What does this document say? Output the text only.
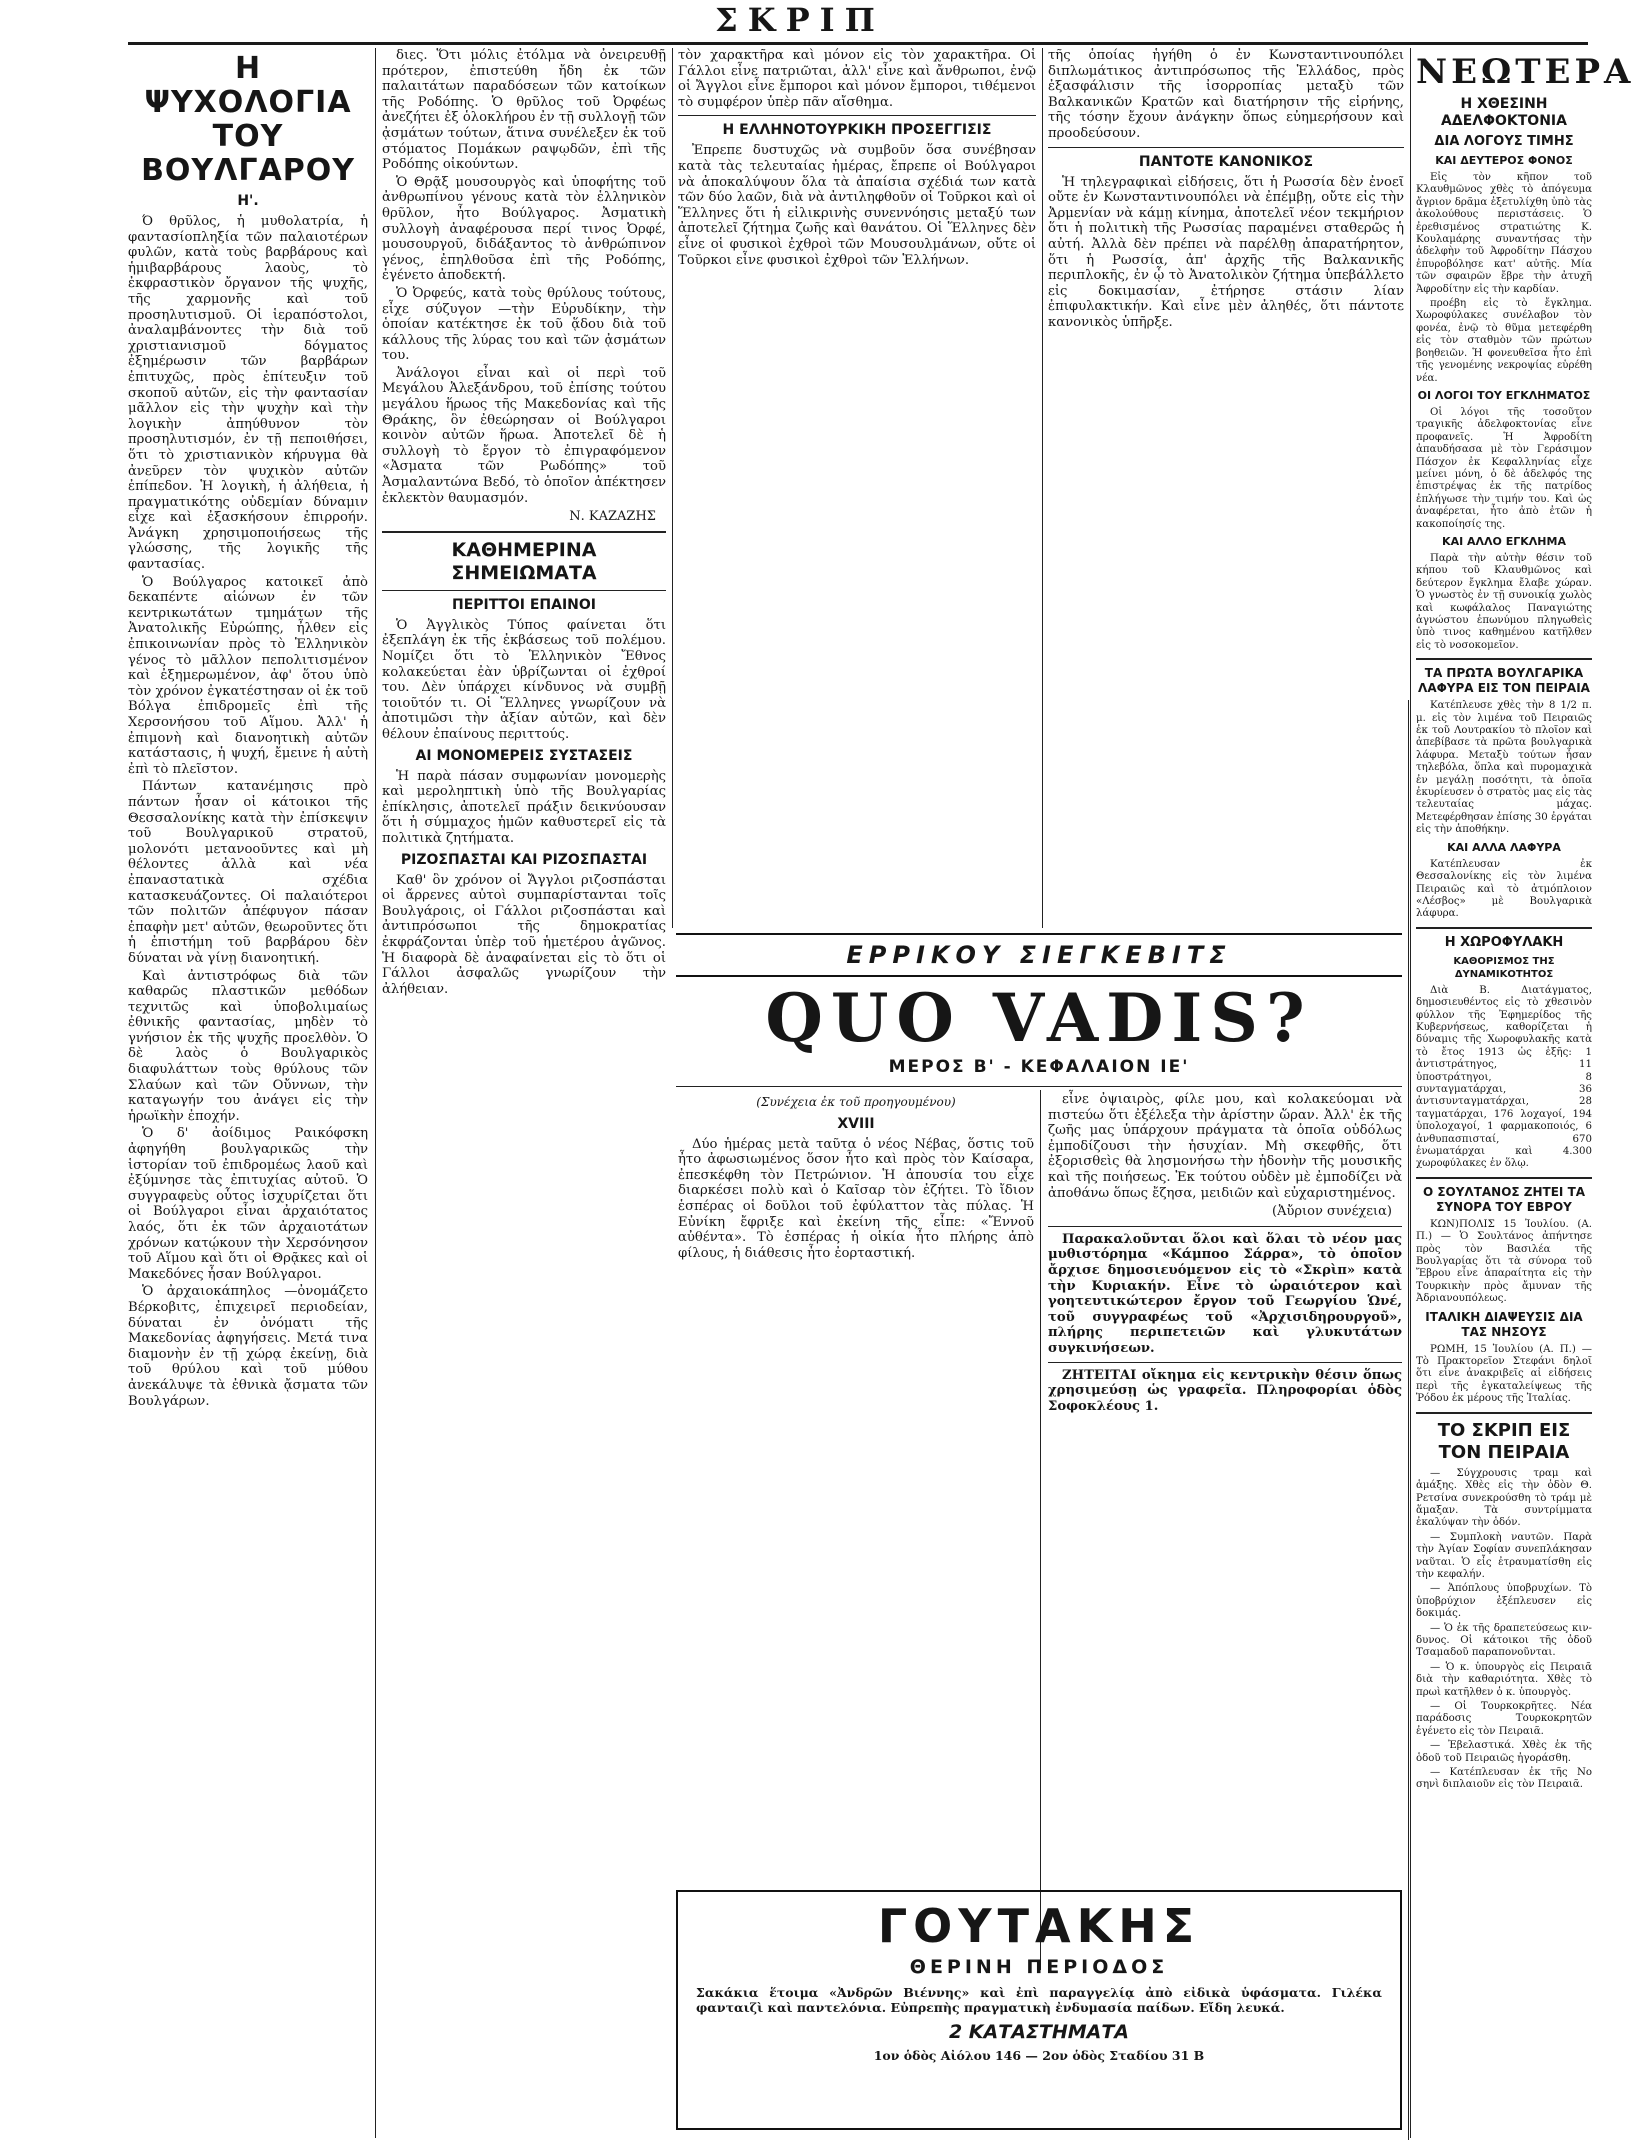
ΣΚΡΙΠ
Η ΨΥΧΟΛΟΓΙΑ ΤΟΥ ΒΟΥΛΓΑΡΟΥ
Η'.

Ό θρῦλος, ἡ μυθολατρία, ἡ φαντασίοπληξία τῶν παλαιοτέρων φυλῶν, κατὰ τοὺς βαρβάρους καὶ ἡμιβαρβάρους λαοὺς, τὸ ἐκφραστικὸν ὄργανον τῆς ψυχῆς, τῆς χαρμονῆς καὶ τοῦ προσηλυτισμοῦ. Οἱ ἱεραπόστολοι, ἀναλαμβάνοντες τὴν διὰ τοῦ χριστιανισμοῦ δόγματος ἐξημέρωσιν τῶν βαρβάρων ἐπιτυχῶς, πρὸς ἐπίτευξιν τοῦ σκοποῦ αὐτῶν, εἰς τὴν φαντασίαν μᾶλλον εἰς τὴν ψυχὴν καὶ τὴν λογικὴν ἀπηύθυνον τὸν προσηλυτισμόν, ἐν τῇ πεποιθήσει, ὅτι τὸ χριστιανικὸν κήρυγμα θὰ ἀνεῦρεν τὸν ψυχικὸν αὐτῶν ἐπίπεδον. Ἡ λογικὴ, ἡ ἀλήθεια, ἡ πραγματικότης οὐδεμίαν δύναμιν εἶχε καὶ ἐξασκήσουν ἐπιρροήν. Ἀνάγκη χρησιμοποιήσεως τῆς γλώσσης, τῆς λογικῆς τῆς φαντασίας.

Ὁ Βούλγαρος κατοικεῖ ἀπὸ δεκαπέντε αἰώνων ἐν τῶν κεντρικωτάτων τμημάτων τῆς Ἀνατολικῆς Εὐρώπης, ἦλθεν εἰς ἐπικοινωνίαν πρὸς τὸ Ἑλληνικὸν γένος τὸ μᾶλλον πεπολιτισμένον καὶ ἐξημερωμένον, ἀφ' ὅτου ὑπὸ τὸν χρόνον ἐγκατέστησαν οἱ ἐκ τοῦ Βόλγα ἐπιδρομεῖς ἐπὶ τῆς Χερσονήσου τοῦ Αἵμου. Ἀλλ' ἡ ἐπιμονὴ καὶ διανοητικὴ αὐτῶν κατάστασις, ἡ ψυχή, ἔμεινε ἡ αὐτὴ ἐπὶ τὸ πλεῖστον.

Πάντων κατανέμησις πρὸ πάντων ἦσαν οἱ κάτοικοι τῆς Θεσσαλονίκης κατὰ τὴν ἐπίσκεψιν τοῦ Βουλγαρικοῦ στρατοῦ, μολονότι μετανοοῦντες καὶ μὴ θέλοντες ἀλλὰ καὶ νέα ἐπαναστατικὰ σχέδια κατασκευάζοντες. Οἱ παλαιότεροι τῶν πολιτῶν ἀπέφυγον πάσαν ἐπαφὴν μετ' αὐτῶν, θεωροῦντες ὅτι ἡ ἐπιστήμη τοῦ βαρβάρου δὲν δύναται νὰ γίνῃ διανοητική.

Καὶ ἀντιστρόφως διὰ τῶν καθαρῶς πλαστικῶν μεθόδων τεχνιτῶς καὶ ὑποβολιμαίως ἐθνικῆς φαντασίας, μηδὲν τὸ γνήσιον ἐκ τῆς ψυχῆς προελθὸν. Ὁ δὲ λαὸς ὁ Βουλγαρικὸς διαφυλάττων τοὺς θρύλους τῶν Σλαύων καὶ τῶν Οὔννων, τὴν καταγωγήν του ἀνάγει εἰς τὴν ἡρωϊκὴν ἐποχήν.

Ὁ δ' ἀοίδιμος Ραικόφσκη ἀφηγήθη βουλγαρικῶς τὴν ἱστορίαν τοῦ ἐπιδρομέως λαοῦ καὶ ἐξύμνησε τὰς ἐπιτυχίας αὐτοῦ. Ὁ συγγραφεὺς οὗτος ἰσχυρίζεται ὅτι οἱ Βούλγαροι εἶναι ἀρχαιότατος λαός, ὅτι ἐκ τῶν ἀρχαιοτάτων χρόνων κατῴκουν τὴν Χερσόνησον τοῦ Αἵμου καὶ ὅτι οἱ Θρᾷκες καὶ οἱ Μακεδόνες ἦσαν Βούλγαροι.

Ὁ ἀρχαιοκάπηλος —ὀνομάζετο Βέρκοβιτς, ἐπιχειρεῖ περιοδείαν, δύναται ἐν ὀνόματι τῆς Μακεδονίας ἀφηγήσεις. Μετά τινα διαμονὴν ἐν τῇ χώρᾳ ἐκείνῃ, διὰ τοῦ θρύλου καὶ τοῦ μύθου ἀνεκάλυψε τὰ ἐθνικὰ ᾄσματα τῶν Βουλγάρων.

διες. Ὅτι μόλις ἐτόλμα νὰ ὀνειρευθῇ πρότερον, ἐπιστεύθη ἤδη ἐκ τῶν παλαιτάτων παραδόσεων τῶν κατοίκων τῆς Ροδόπης. Ὁ θρῦλος τοῦ Ὀρφέως ἀνεζήτει ἐξ ὁλοκλήρου ἐν τῇ συλλογῇ τῶν ᾀσμάτων τούτων, ἅτινα συνέλεξεν ἐκ τοῦ στόματος Πομάκων ραψῳδῶν, ἐπὶ τῆς Ροδόπης οἰκούντων.

Ὁ Θρᾷξ μουσουργὸς καὶ ὑποφήτης τοῦ ἀνθρωπίνου γένους κατὰ τὸν ἑλληνικὸν θρῦλον, ἦτο Βούλγαρος. Ἀσματικὴ συλλογὴ ἀναφέρουσα περί τινος Ὀρφέ, μουσουργοῦ, διδάξαντος τὸ ἀνθρώπινον γένος, ἐπηλθοῦσα ἐπὶ τῆς Ροδόπης, ἐγένετο ἀποδεκτή.

Ὁ Ὀρφεύς, κατὰ τοὺς θρύλους τούτους, εἶχε σύζυγον —τὴν Εὐρυδίκην, τὴν ὁποίαν κατέκτησε ἐκ τοῦ ᾅδου διὰ τοῦ κάλλους τῆς λύρας του καὶ τῶν ᾀσμάτων του.

Ἀνάλογοι εἶναι καὶ οἱ περὶ τοῦ Μεγάλου Ἀλεξάνδρου, τοῦ ἐπίσης τούτου μεγάλου ἥρωος τῆς Μακεδονίας καὶ τῆς Θράκης, ὃν ἐθεώρησαν οἱ Βούλγαροι κοινὸν αὐτῶν ἥρωα. Ἀποτελεῖ δὲ ἡ συλλογὴ τὸ ἔργον τὸ ἐπιγραφόμενον «Ἀσματα τῶν Ρωδόπης» τοῦ Ἀσμαλαντώνα Βεδό, τὸ ὁποῖον ἀπέκτησεν ἐκλεκτὸν θαυμασμόν.

Ν. ΚΑΖΑΖΗΣ
ΚΑΘΗΜΕΡΙΝΑ ΣΗΜΕΙΩΜΑΤΑ
ΠΕΡΙΤΤΟΙ ΕΠΑΙΝΟΙ

Ὁ Ἀγγλικὸς Τύπος φαίνεται ὅτι ἐξεπλάγη ἐκ τῆς ἐκβάσεως τοῦ πολέμου. Νομίζει ὅτι τὸ Ἑλληνικὸν Ἔθνος κολακεύεται ἐὰν ὑβρίζωνται οἱ ἐχθροί του. Δὲν ὑπάρχει κίνδυνος νὰ συμβῇ τοιοῦτόν τι. Οἱ Ἕλληνες γνωρίζουν νὰ ἀποτιμῶσι τὴν ἀξίαν αὐτῶν, καὶ δὲν θέλουν ἐπαίνους περιττούς.

ΑΙ ΜΟΝΟΜΕΡΕΙΣ ΣΥΣΤΑΣΕΙΣ

Ἡ παρὰ πάσαν συμφωνίαν μονομερὴς καὶ μεροληπτικὴ ὑπὸ τῆς Βουλγαρίας ἐπίκλησις, ἀποτελεῖ πράξιν δεικνύουσαν ὅτι ἡ σύμμαχος ἡμῶν καθυστερεῖ εἰς τὰ πολιτικὰ ζητήματα.

ΡΙΖΟΣΠΑΣΤΑΙ ΚΑΙ ΡΙΖΟΣΠΑΣΤΑΙ

Καθ' ὃν χρόνον οἱ Ἄγγλοι ριζοσπάσται οἱ ἄρρενες αὐτοὶ συμπαρίστανται τοῖς Βουλγάροις, οἱ Γάλλοι ριζοσπάσται καὶ ἀντιπρόσωποι τῆς δημοκρατίας ἐκφράζονται ὑπὲρ τοῦ ἡμετέρου ἀγῶνος. Ἡ διαφορὰ δὲ ἀναφαίνεται εἰς τὸ ὅτι οἱ Γάλλοι ἀσφαλῶς γνωρίζουν τὴν ἀλήθειαν.

τὸν χαρακτῆρα καὶ μόνον εἰς τὸν χαρακτῆρα. Οἱ Γάλλοι εἶνε πατριῶται, ἀλλ' εἶνε καὶ ἄνθρωποι, ἐνῷ οἱ Ἄγγλοι εἶνε ἔμποροι καὶ μόνον ἔμποροι, τιθέμενοι τὸ συμφέρον ὑπὲρ πᾶν αἴσθημα.

Η ΕΛΛΗΝΟΤΟΥΡΚΙΚΗ ΠΡΟΣΕΓΓΙΣΙΣ

Ἐπρεπε δυστυχῶς νὰ συμβοῦν ὅσα συνέβησαν κατὰ τὰς τελευταίας ἡμέρας, ἔπρεπε οἱ Βούλγαροι νὰ ἀποκαλύψουν ὅλα τὰ ἀπαίσια σχέδιά των κατὰ τῶν δύο λαῶν, διὰ νὰ ἀντιληφθοῦν οἱ Τοῦρκοι καὶ οἱ Ἕλληνες ὅτι ἡ εἰλικρινὴς συνεννόησις μεταξύ των ἀποτελεῖ ζήτημα ζωῆς καὶ θανάτου. Οἱ Ἕλληνες δὲν εἶνε οἱ φυσικοὶ ἐχθροὶ τῶν Μουσουλμάνων, οὔτε οἱ Τοῦρκοι εἶνε φυσικοὶ ἐχθροὶ τῶν Ἑλλήνων.

τῆς ὁποίας ἡγήθη ὁ ἐν Κωνσταντινουπόλει διπλωμάτικος ἀντιπρόσωπος τῆς Ἑλλάδος, πρὸς ἐξασφάλισιν τῆς ἰσορροπίας μεταξὺ τῶν Βαλκανικῶν Κρατῶν καὶ διατήρησιν τῆς εἰρήνης, τῆς τόσην ἔχουν ἀνάγκην ὅπως εὐημερήσουν καὶ προοδεύσουν.

ΠΑΝΤΟΤΕ ΚΑΝΟΝΙΚΟΣ

Ἡ τηλεγραφικαὶ εἰδήσεις, ὅτι ἡ Ρωσσία δὲν ἐνοεῖ οὔτε ἐν Κωνσταντινουπόλει νὰ ἐπέμβῃ, οὔτε εἰς τὴν Ἀρμενίαν νὰ κάμῃ κίνημα, ἀποτελεῖ νέον τεκμήριον ὅτι ἡ πολιτικὴ τῆς Ρωσσίας παραμένει σταθερῶς ἡ αὐτή. Ἀλλὰ δὲν πρέπει νὰ παρέλθῃ ἀπαρατήρητον, ὅτι ἡ Ρωσσία, ἀπ' ἀρχῆς τῆς Βαλκανικῆς περιπλοκῆς, ἐν ᾧ τὸ Ἀνατολικὸν ζήτημα ὑπεβάλλετο εἰς δοκιμασίαν, ἐτήρησε στάσιν λίαν ἐπιφυλακτικήν. Καὶ εἶνε μὲν ἀληθές, ὅτι πάντοτε κανονικὸς ὑπῆρξε.

ΕΡΡΙΚΟΥ ΣΙΕΓΚΕΒΙΤΣ
QUO VADIS?
ΜΕΡΟΣ Β' - ΚΕΦΑΛΑΙΟΝ ΙΕ'
(Συνέχεια ἐκ τοῦ προηγουμένου)
XVIII

Δύο ἡμέρας μετὰ ταῦτα ὁ νέος Νέβας, ὅστις τοῦ ἦτο ἀφωσιωμένος ὅσον ἦτο καὶ πρὸς τὸν Καίσαρα, ἐπεσκέφθη τὸν Πετρώνιον. Ἡ ἀπουσία του εἶχε διαρκέσει πολὺ καὶ ὁ Καῖσαρ τὸν ἐζήτει. Τὸ ἴδιον ἑσπέρας οἱ δοῦλοι τοῦ ἐφύλαττον τὰς πύλας. Ἡ Εὐνίκη ἔφριξε καὶ ἐκείνη τῆς εἶπε: «Ἔννοῦ αὐθέντα». Τὸ ἑσπέρας ἡ οἰκία ἦτο πλήρης ἀπὸ φίλους, ἡ διάθεσις ἦτο ἐορταστική.

εἶνε ὀψιαιρὸς, φίλε μου, καὶ κολακεύομαι νὰ πιστεύω ὅτι ἐξέλεξα τὴν ἀρίστην ὥραν. Ἀλλ' ἐκ τῆς ζωῆς μας ὑπάρχουν πράγματα τὰ ὁποῖα οὐδόλως ἐμποδίζουσι τὴν ἡσυχίαν. Μὴ σκεφθῆς, ὅτι ἐξορισθεὶς θὰ λησμονήσω τὴν ἡδονὴν τῆς μουσικῆς καὶ τῆς ποιήσεως. Ἐκ τούτου οὐδὲν μὲ ἐμποδίζει νὰ ἀποθάνω ὅπως ἔζησα, μειδιῶν καὶ εὐχαριστημένος.

(Ἀὔριον συνέχεια)

Παρακαλοῦνται ὅλοι καὶ ὅλαι τὸ νέον μας μυθιστόρημα «Κάμποο Σάρρα», τὸ ὁποῖον ἄρχισε δημοσιευόμενον εἰς τὸ «Σκρὶπ» κατὰ τὴν Κυριακήν. Εἶνε τὸ ὡραιότερον καὶ γοητευτικώτερον ἔργον τοῦ Γεωργίου Ὡνέ, τοῦ συγγραφέως τοῦ «Ἀρχισιδηρουργοῦ», πλήρης περιπετειῶν καὶ γλυκυτάτων συγκινήσεων.

ΖΗΤΕΙΤΑΙ οἴκημα εἰς κεντρικὴν θέσιν ὅπως χρησιμεύσῃ ὡς γραφεῖα. Πληροφορίαι ὁδὸς Σοφοκλέους 1.

ΓΟΥΤΑΚΗΣ
ΘΕΡΙΝΗ ΠΕΡΙΟΔΟΣ
Σακάκια ἕτοιμα «Ἀνδρῶν Βιέννης» καὶ ἐπὶ παραγγελίᾳ ἀπὸ εἰδικὰ ὑφάσματα. Γιλέκα φανταιζὶ καὶ παντελόνια. Εὐπρεπὴς πραγματικὴ ἐνδυμασία παίδων. Εἴδη λευκά.
2 ΚΑΤΑΣΤΗΜΑΤΑ
1ον ὁδὸς Αἰόλου 146 — 2ον ὁδὸς Σταδίου 31 Β
ΝΕΩΤΕΡΑ
Η ΧΘΕΣΙΝΗ ΑΔΕΛΦΟΚΤΟΝΙΑ
ΔΙΑ ΛΟΓΟΥΣ ΤΙΜΗΣ
ΚΑΙ ΔΕΥΤΕΡΟΣ ΦΟΝΟΣ

Εἰς τὸν κῆπον τοῦ Κλαυθμῶνος χθὲς τὸ ἀπόγευμα ἄγριον δρᾶμα ἐξετυλίχθη ὑπὸ τὰς ἀκολούθους περιστάσεις. Ὁ ἐρεθισμένος στρατιώτης Κ. Κουλαμάρης συναντήσας τὴν ἀδελφὴν τοῦ Ἀφροδίτην Πάσχου ἐπυροβόλησε κατ' αὐτῆς. Μία τῶν σφαιρῶν ἔβρε τὴν ἀτυχῆ Ἀφροδίτην εἰς τὴν καρδίαν.

προέβη εἰς τὸ ἔγκλημα. Χωροφύλακες συνέλαβον τὸν φονέα, ἐνῷ τὸ θῦμα μετεφέρθη εἰς τὸν σταθμὸν τῶν πρώτων βοηθειῶν. Ἡ φονευθεῖσα ἦτο ἐπὶ τῆς γενομένης νεκροψίας εὑρέθη νέα.

ΟΙ ΛΟΓΟΙ ΤΟΥ ΕΓΚΛΗΜΑΤΟΣ

Οἱ λόγοι τῆς τοσοῦτον τραγικῆς ἀδελφοκτονίας εἶνε προφανεῖς. Ἡ Ἀφροδίτη ἀπαυδήσασα μὲ τὸν Γεράσιμον Πάσχον ἐκ Κεφαλληνίας εἶχε μείνει μόνη, ὁ δὲ ἀδελφός της ἐπιστρέψας ἐκ τῆς πατρίδος ἐπλήγωσε τὴν τιμήν του. Καὶ ὡς ἀναφέρεται, ἦτο ἀπὸ ἐτῶν ἡ κακοποίησίς της.

ΚΑΙ ΑΛΛΟ ΕΓΚΛΗΜΑ

Παρὰ τὴν αὐτὴν θέσιν τοῦ κήπου τοῦ Κλαυθμῶνος καὶ δεύτερον ἔγκλημα ἔλαβε χώραν. Ὁ γνωστὸς ἐν τῇ συνοικίᾳ χωλὸς καὶ κωφάλαλος Παναγιώτης ἀγνώστου ἐπωνύμου πληγωθεὶς ὑπὸ τινος καθημένου κατῆλθεν εἰς τὸ νοσοκομεῖον.

ΤΑ ΠΡΩΤΑ ΒΟΥΛΓΑΡΙΚΑ ΛΑΦΥΡΑ ΕΙΣ ΤΟΝ ΠΕΙΡΑΙΑ

Κατέπλευσε χθὲς τὴν 8 1/2 π. μ. εἰς τὸν λιμένα τοῦ Πειραιῶς ἐκ τοῦ Λουτρακίου τὸ πλοῖον καὶ ἀπεβίβασε τὰ πρῶτα βουλγαρικὰ λάφυρα. Μεταξὺ τούτων ἦσαν τηλεβόλα, ὅπλα καὶ πυρομαχικὰ ἐν μεγάλῃ ποσότητι, τὰ ὁποῖα ἐκυρίευσεν ὁ στρατὸς μας εἰς τὰς τελευταίας μάχας. Μετεφέρθησαν ἐπίσης 30 ἐργάται εἰς τὴν ἀποθήκην.

ΚΑΙ ΑΛΛΑ ΛΑΦΥΡΑ

Κατέπλευσαν ἐκ Θεσσαλονίκης εἰς τὸν λιμένα Πειραιῶς καὶ τὸ ἀτμόπλοιον «Λέσβος» μὲ Βουλγαρικὰ λάφυρα.

Η ΧΩΡΟΦΥΛΑΚΗ
ΚΑΘΟΡΙΣΜΟΣ ΤΗΣ ΔΥΝΑΜΙΚΟΤΗΤΟΣ

Διὰ Β. Διατάγματος, δημοσιευθέντος εἰς τὸ χθεσινὸν φύλλον τῆς Ἐφημερίδος τῆς Κυβερνήσεως, καθορίζεται ἡ δύναμις τῆς Χωροφυλακῆς κατὰ τὸ ἔτος 1913 ὡς ἑξῆς: 1 ἀντιστράτηγος, 11 ὑποστράτηγοι, 8 συνταγματάρχαι, 36 ἀντισυνταγματάρχαι, 28 ταγματάρχαι, 176 λοχαγοί, 194 ὑπολοχαγοί, 1 φαρμακοποιός, 6 ἀνθυπασπισταί, 670 ἐνωματάρχαι καὶ 4.300 χωροφύλακες ἐν ὅλῳ.

Ο ΣΟΥΛΤΑΝΟΣ ΖΗΤΕΙ ΤΑ ΣΥΝΟΡΑ ΤΟΥ ΕΒΡΟΥ

ΚΩΝ)ΠΟΛΙΣ 15 Ἰουλίου. (Α. Π.) — Ὁ Σουλτάνος ἀπήντησε πρὸς τὸν Βασιλέα τῆς Βουλγαρίας ὅτι τὰ σύνορα τοῦ Ἔβρου εἶνε ἀπαραίτητα εἰς τὴν Τουρκικὴν πρὸς ἄμυναν τῆς Ἀδριανουπόλεως.

ΙΤΑΛΙΚΗ ΔΙΑΨΕΥΣΙΣ ΔΙΑ ΤΑΣ ΝΗΣΟΥΣ

ΡΩΜΗ, 15 Ἰουλίου (Α. Π.) — Τὸ Πρακτορεῖον Στεφάνι δηλοῖ ὅτι εἶνε ἀνακριβεῖς αἱ εἰδήσεις περὶ τῆς ἐγκαταλείψεως τῆς Ῥόδου ἐκ μέρους τῆς Ἰταλίας.

ΤΟ ΣΚΡΙΠ ΕΙΣ ΤΟΝ ΠΕΙΡΑΙΑ

— Σύγχρουσις τραμ καὶ ἁμάξης. Χθὲς εἰς τὴν ὁδὸν Θ. Ρετσίνα συνεκρούσθη τὸ τράμ μὲ ἅμαξαν. Τὰ συντρίμματα ἐκαλύψαν τὴν ὁδόν.

— Συμπλοκὴ ναυτῶν. Παρὰ τὴν Ἀγίαν Σοφίαν συνεπλάκησαν ναῦται. Ὁ εἷς ἐτραυματίσθη εἰς τὴν κεφαλήν.

— Ἀπόπλους ὑποβρυχίων. Τὸ ὑποβρύχιον ἐξέπλευσεν εἰς δοκιμάς.

— Ὁ ἐκ τῆς δραπετεύσεως κιν-δυνος. Οἱ κάτοικοι τῆς ὁδοῦ Τσαμαδοῦ παραπονοῦνται.

— Ὁ κ. ὑπουργὸς εἰς Πειραιᾶ διὰ τὴν καθαριότητα. Χθὲς τὸ πρωὶ κατῆλθεν ὁ κ. ὑπουργὸς.

— Οἱ Τουρκοκρῆτες. Νέα παράδοσις Τουρκοκρητῶν ἐγένετο εἰς τὸν Πειραιᾶ.

— Ἐβελαστικά. Χθὲς ἐκ τῆς ὁδοῦ τοῦ Πειραιῶς ἠγοράσθη.

— Κατέπλευσαν ἐκ τῆς Νο σηνὶ διπλαιοῦν εἰς τὸν Πειραιᾶ.
